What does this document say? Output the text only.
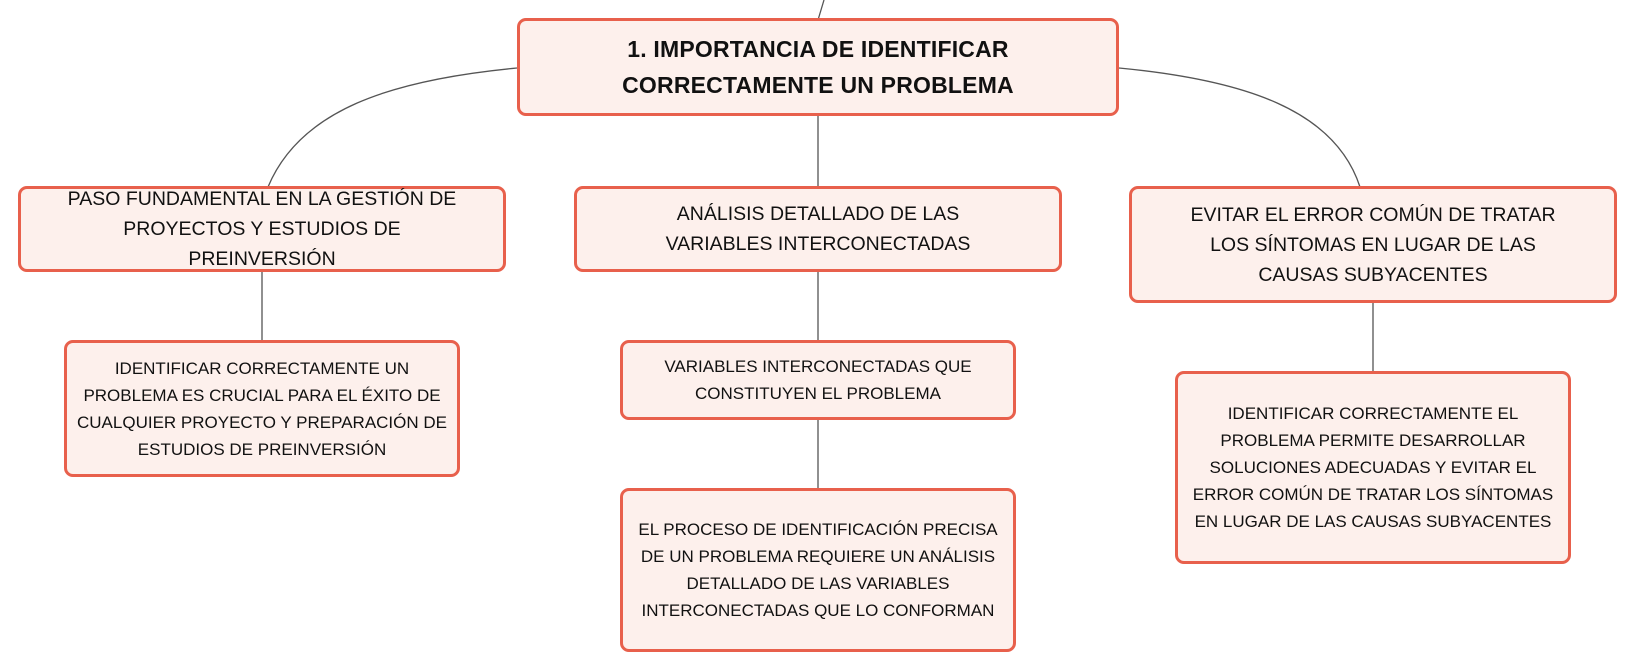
1. IMPORTANCIA DE IDENTIFICAR CORRECTAMENTE UN PROBLEMA
PASO FUNDAMENTAL EN LA GESTIÓN DE PROYECTOS Y ESTUDIOS DE PREINVERSIÓN
ANÁLISIS DETALLADO DE LAS VARIABLES INTERCONECTADAS
EVITAR EL ERROR COMÚN DE TRATAR LOS SÍNTOMAS EN LUGAR DE LAS CAUSAS SUBYACENTES
IDENTIFICAR CORRECTAMENTE UN PROBLEMA ES CRUCIAL PARA EL ÉXITO DE CUALQUIER PROYECTO Y PREPARACIÓN DE ESTUDIOS DE PREINVERSIÓN
VARIABLES INTERCONECTADAS QUE CONSTITUYEN EL PROBLEMA
EL PROCESO DE IDENTIFICACIÓN PRECISA DE UN PROBLEMA REQUIERE UN ANÁLISIS DETALLADO DE LAS VARIABLES INTERCONECTADAS QUE LO CONFORMAN
IDENTIFICAR CORRECTAMENTE EL PROBLEMA PERMITE DESARROLLAR SOLUCIONES ADECUADAS Y EVITAR EL ERROR COMÚN DE TRATAR LOS SÍNTOMAS EN LUGAR DE LAS CAUSAS SUBYACENTES
